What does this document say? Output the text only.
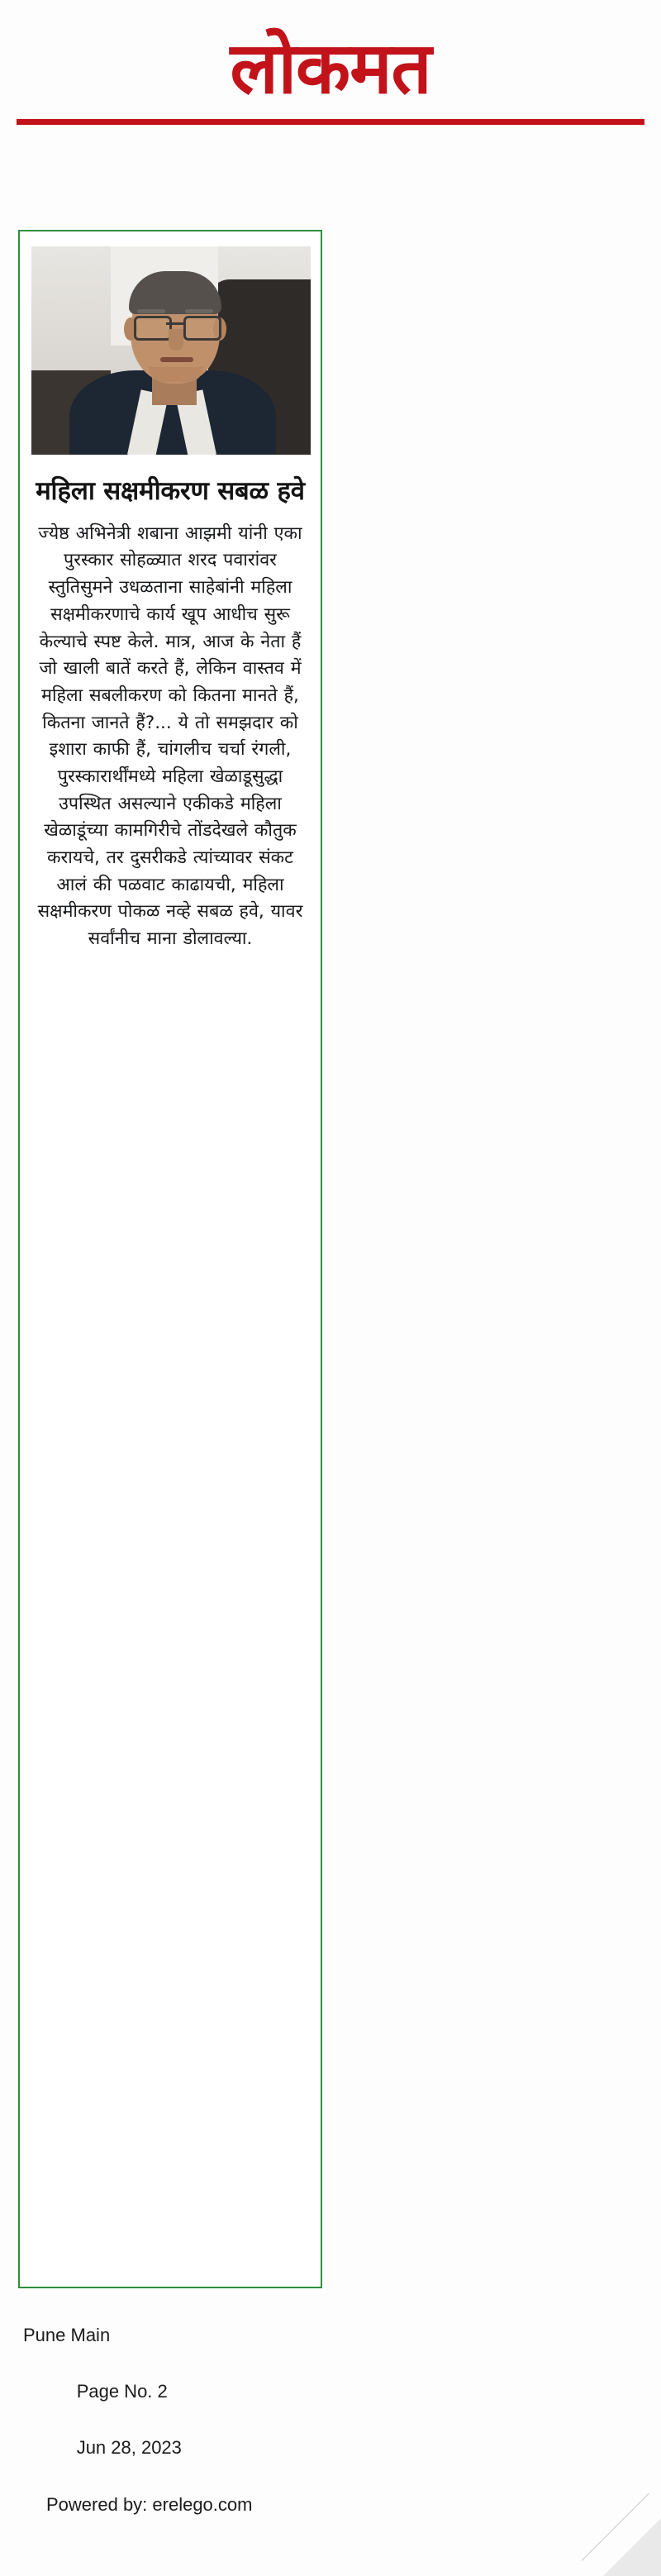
लोकमत
महिला सक्षमीकरण सबळ हवे
ज्येष्ठ अभिनेत्री शबाना आझमी यांनी एका पुरस्कार सोहळ्यात शरद पवारांवर स्तुतिसुमने उधळताना साहेबांनी महिला सक्षमीकरणाचे कार्य खूप आधीच सुरू केल्याचे स्पष्ट केले. मात्र, आज के नेता हैं जो खाली बातें करते हैं, लेकिन वास्तव में महिला सबलीकरण को कितना मानते हैं, कितना जानते हैं?... ये तो समझदार को इशारा काफी हैं, चांगलीच चर्चा रंगली, पुरस्कारार्थींमध्ये महिला खेळाडूसुद्धा उपस्थित असल्याने एकीकडे महिला खेळाडूंच्या कामगिरीचे तोंडदेखले कौतुक करायचे, तर दुसरीकडे त्यांच्यावर संकट आलं की पळवाट काढायची, महिला सक्षमीकरण पोकळ नव्हे सबळ हवे, यावर सर्वांनीच माना डोलावल्या.
Pune Main

Page No. 2

Jun 28, 2023

Powered by: erelego.com
